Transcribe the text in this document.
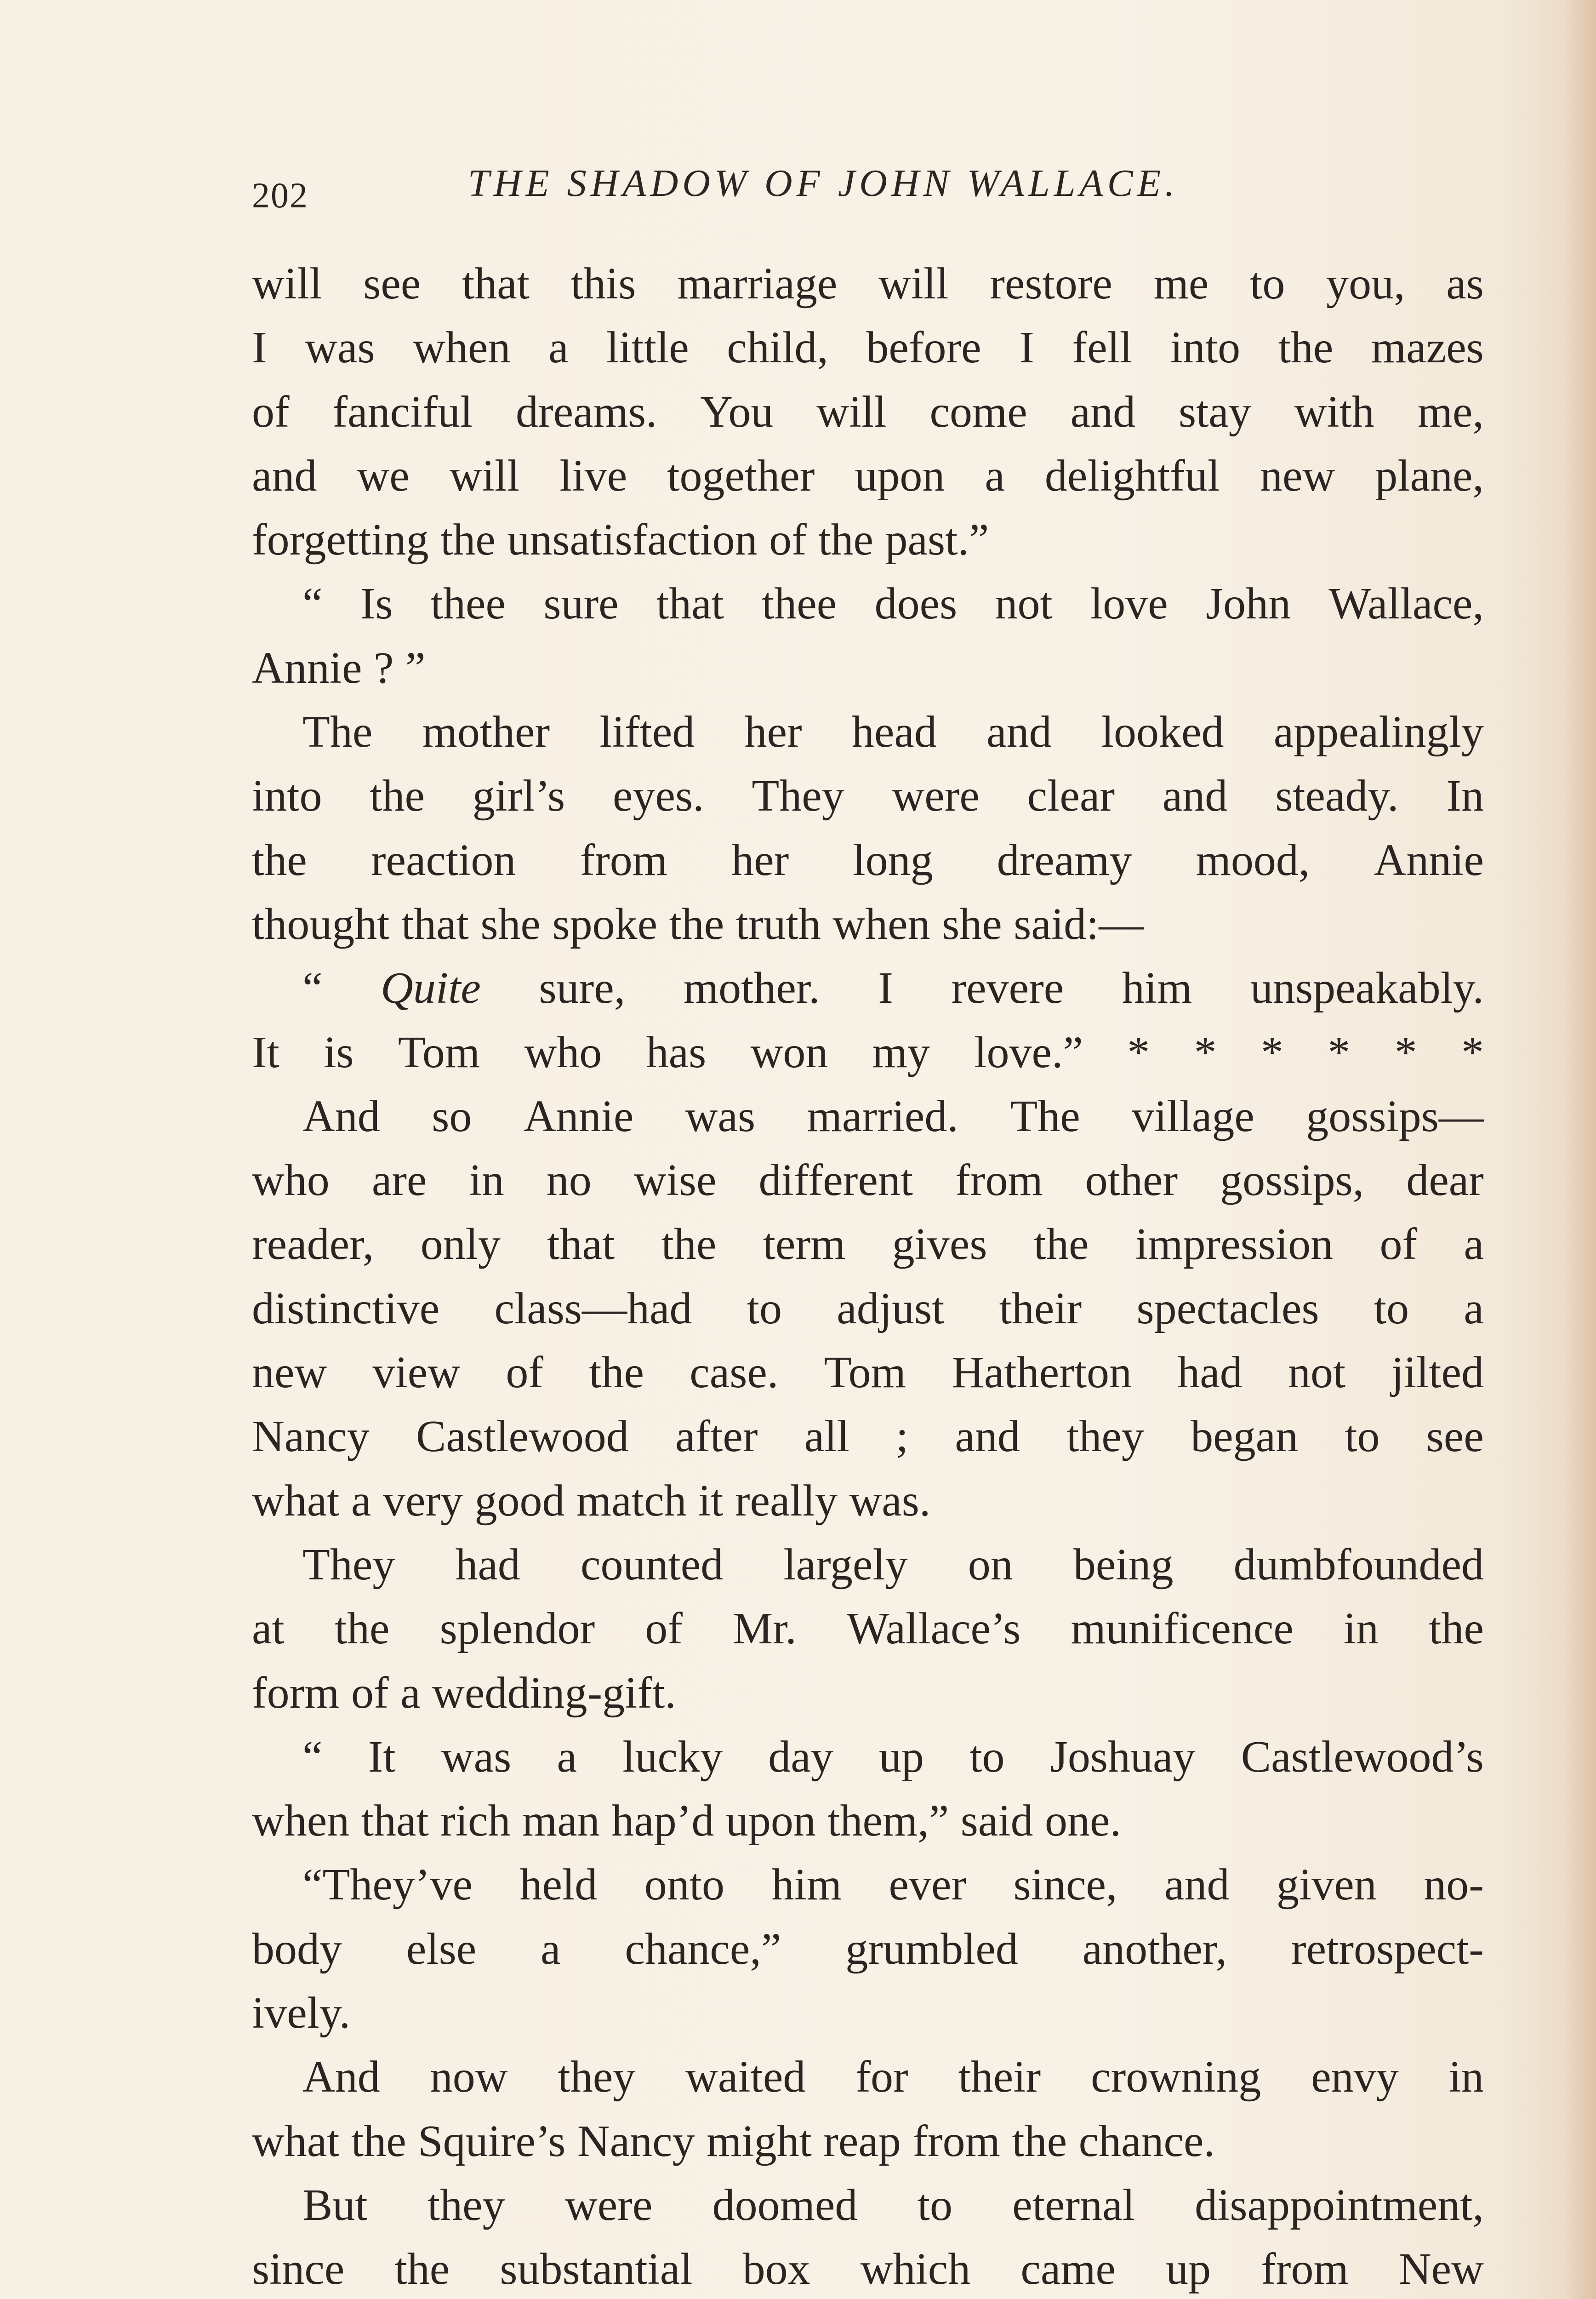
202	THE SHADOW OF JOHN WALLACE.
will see that this marriage will restore me to you, as
I was when a little child, before I fell into the mazes
of fanciful dreams. You will come and stay with me,
and we will live together upon a delightful new plane,
forgetting the unsatisfaction of the past.”
“ Is thee sure that thee does not love John Wallace,
Annie ? ”
The mother lifted her head and looked appealingly
into the girl’s eyes. They were clear and steady. In
the reaction from her long dreamy mood, Annie
thought that she spoke the truth when she said:—
“ Quite sure, mother. I revere him unspeakably.
It is Tom who has won my love.” * * * * * *
And so Annie was married. The village gossips—
who are in no wise different from other gossips, dear
reader, only that the term gives the impression of a
distinctive class—had to adjust their spectacles to a
new view of the case. Tom Hatherton had not jilted
Nancy Castlewood after all ; and they began to see
what a very good match it really was.
They had counted largely on being dumbfounded
at the splendor of Mr. Wallace’s munificence in the
form of a wedding-gift.
“ It was a lucky day up to Joshuay Castlewood’s
when that rich man hap’d upon them,” said one.
“They’ve held onto him ever since, and given no-
body else a chance,” grumbled another, retrospect-
ively.
And now they waited for their crowning envy in
what the Squire’s Nancy might reap from the chance.
But they were doomed to eternal disappointment,
since the substantial box which came up from New
